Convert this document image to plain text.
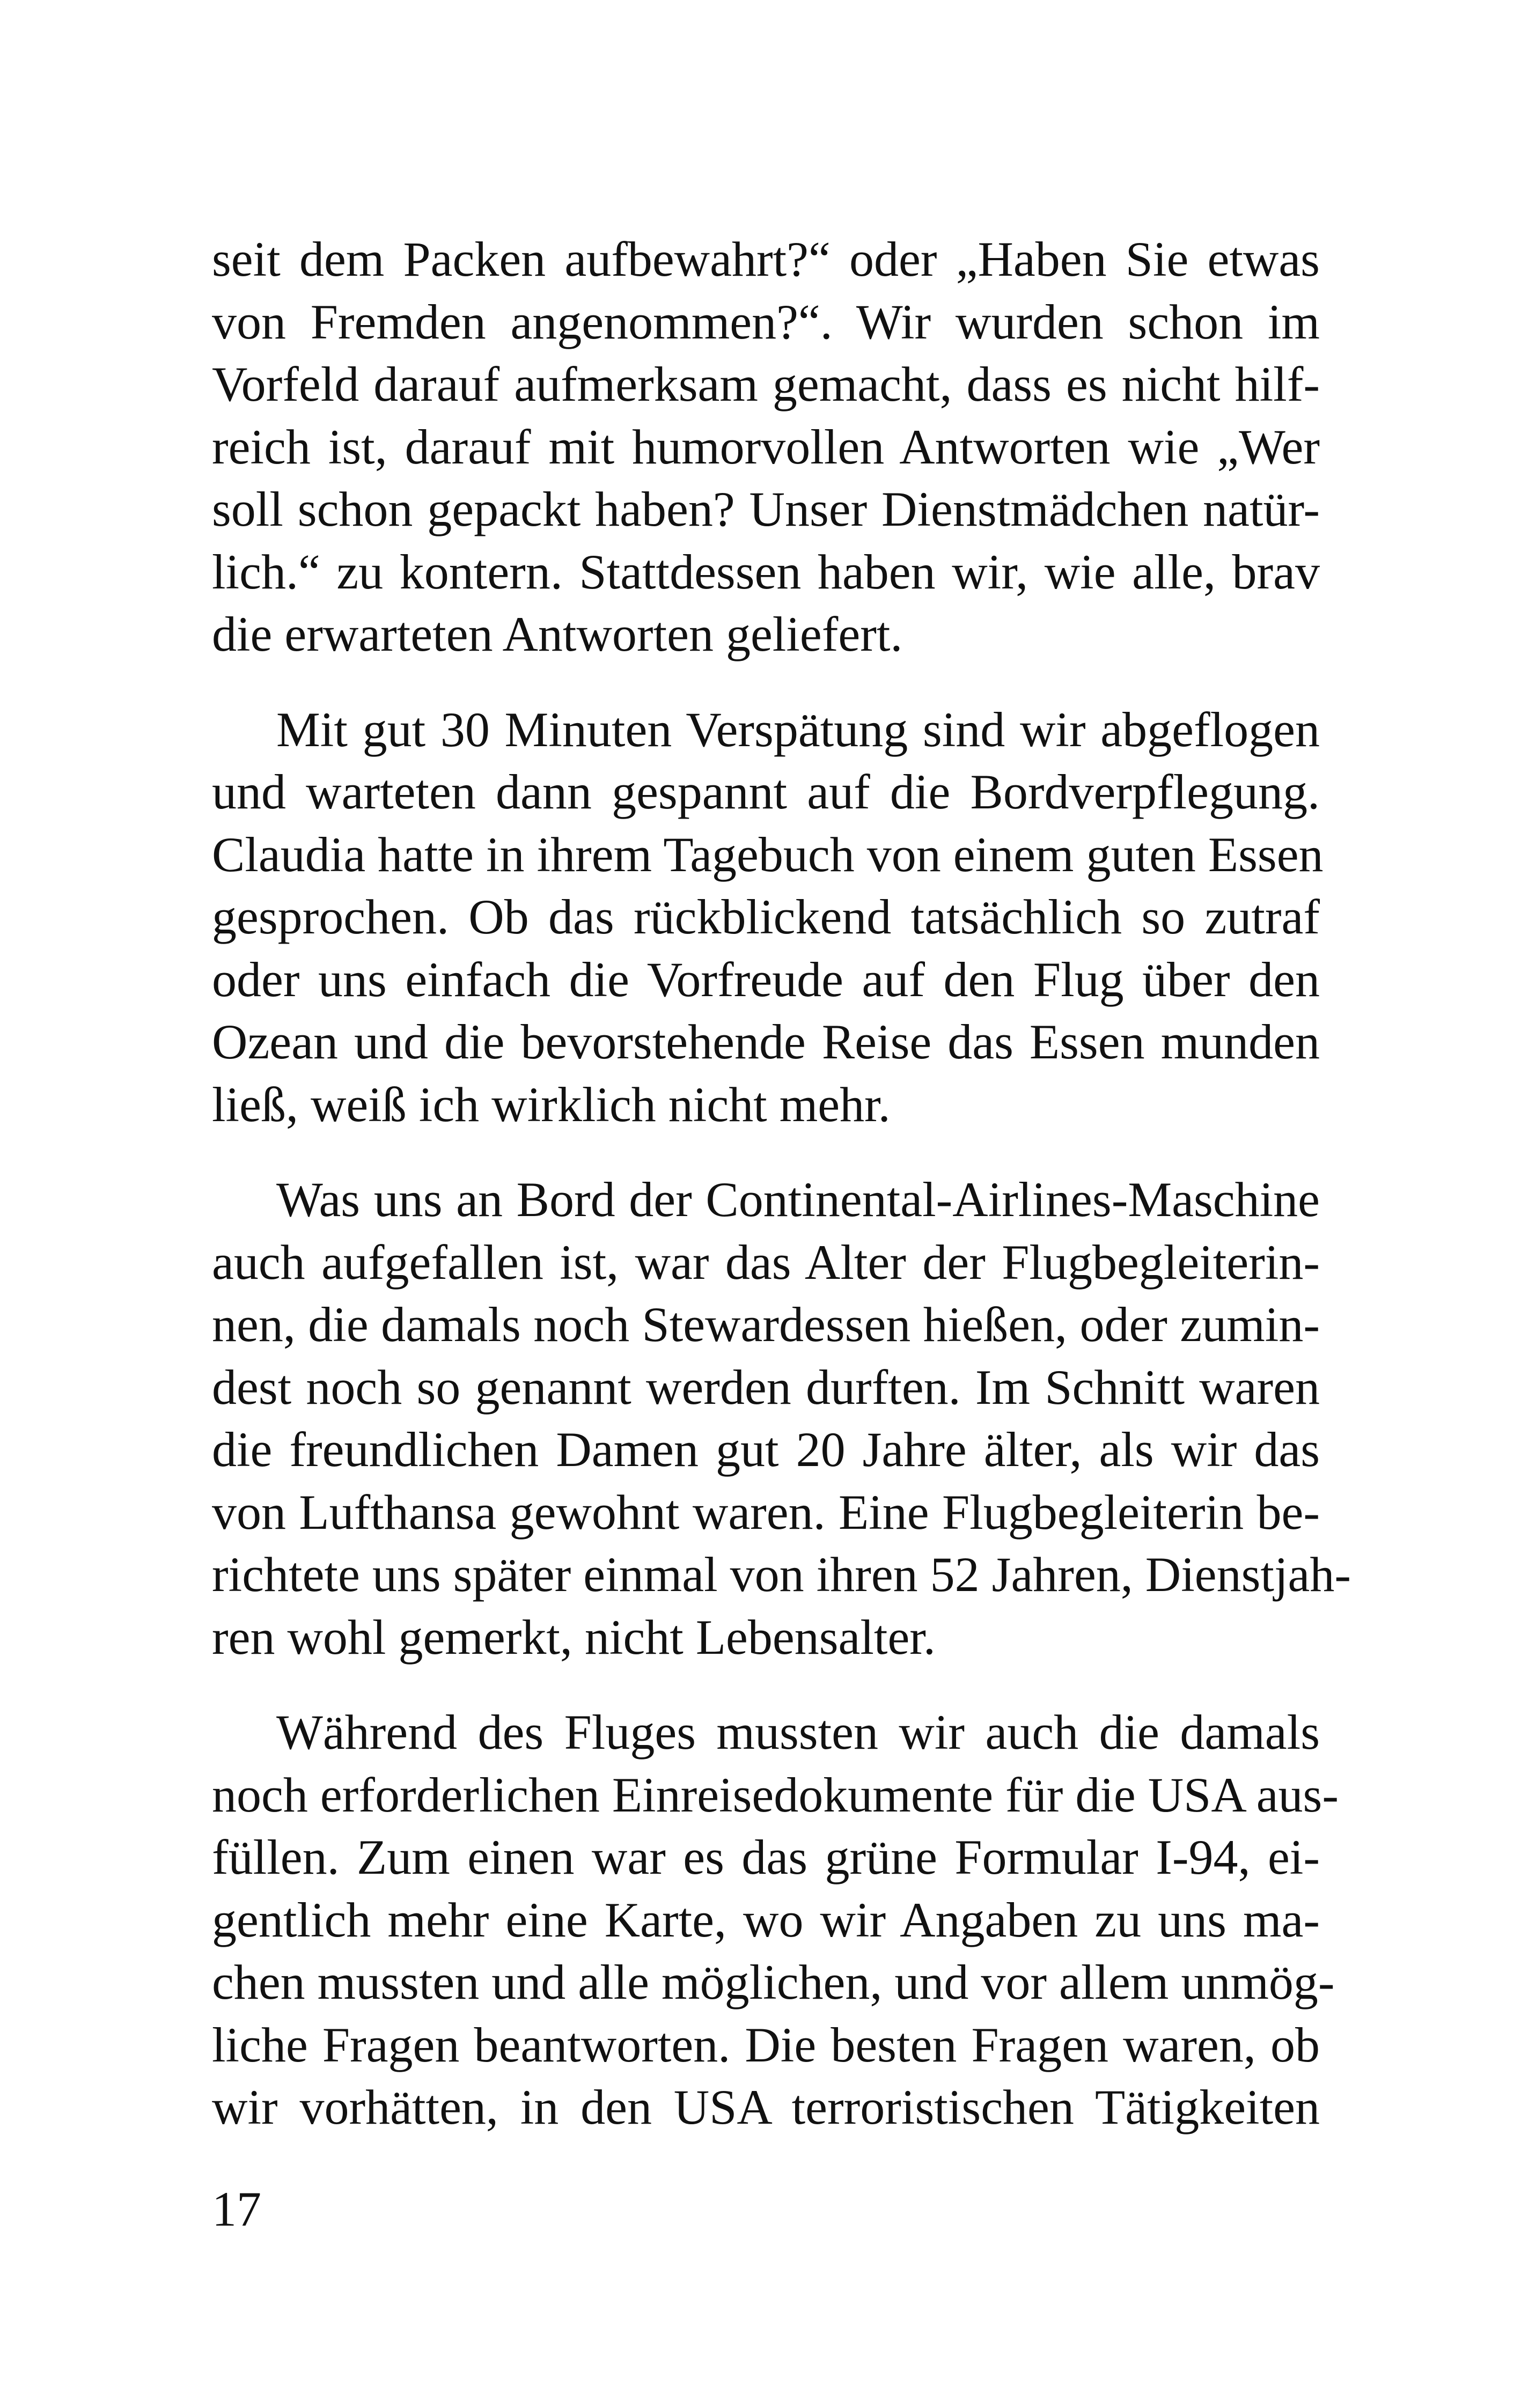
seit dem Packen aufbewahrt?“ oder „Haben Sie etwas
von Fremden angenommen?“. Wir wurden schon im
Vorfeld darauf aufmerksam gemacht, dass es nicht hilf-
reich ist, darauf mit humorvollen Antworten wie „Wer
soll schon gepackt haben? Unser Dienstmädchen natür-
lich.“ zu kontern. Stattdessen haben wir, wie alle, brav
die erwarteten Antworten geliefert.
Mit gut 30 Minuten Verspätung sind wir abgeflogen
und warteten dann gespannt auf die Bordverpflegung.
Claudia hatte in ihrem Tagebuch von einem guten Essen
gesprochen. Ob das rückblickend tatsächlich so zutraf
oder uns einfach die Vorfreude auf den Flug über den
Ozean und die bevorstehende Reise das Essen munden
ließ, weiß ich wirklich nicht mehr.
Was uns an Bord der Continental-Airlines-Maschine
auch aufgefallen ist, war das Alter der Flugbegleiterin-
nen, die damals noch Stewardessen hießen, oder zumin-
dest noch so genannt werden durften. Im Schnitt waren
die freundlichen Damen gut 20 Jahre älter, als wir das
von Lufthansa gewohnt waren. Eine Flugbegleiterin be-
richtete uns später einmal von ihren 52 Jahren, Dienstjah-
ren wohl gemerkt, nicht Lebensalter.
Während des Fluges mussten wir auch die damals
noch erforderlichen Einreisedokumente für die USA aus-
füllen. Zum einen war es das grüne Formular I-94, ei-
gentlich mehr eine Karte, wo wir Angaben zu uns ma-
chen mussten und alle möglichen, und vor allem unmög-
liche Fragen beantworten. Die besten Fragen waren, ob
wir vorhätten, in den USA terroristischen Tätigkeiten
17
